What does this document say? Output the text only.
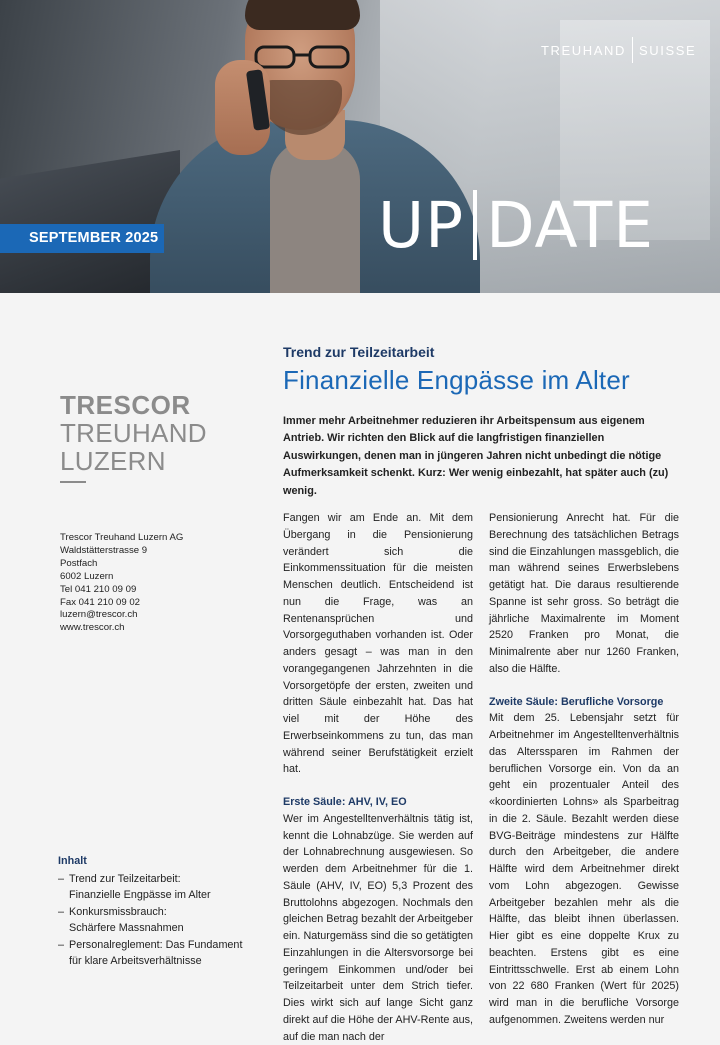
TREUHAND SUISSE
SEPTEMBER 2025	UP DATE
TRESCOR
TREUHAND
LUZERN
Trescor Treuhand Luzern AG
Waldstätterstrasse 9
Postfach
6002 Luzern
Tel 041 210 09 09
Fax 041 210 09 02
luzern@trescor.ch
www.trescor.ch
Inhalt
– Trend zur Teilzeitarbeit:
Finanzielle Engpässe im Alter
– Konkursmissbrauch:
Schärfere Massnahmen
– Personalreglement: Das Fundament
für klare Arbeitsverhältnisse
Trend zur Teilzeitarbeit
Finanzielle Engpässe im Alter
Immer mehr Arbeitnehmer reduzieren ihr Arbeitspensum aus eigenem Antrieb. Wir richten den Blick auf die langfristigen finanziellen Auswirkungen, denen man in jüngeren Jahren nicht unbedingt die nötige Aufmerksamkeit schenkt. Kurz: Wer wenig einbezahlt, hat später auch (zu) wenig.

Fangen wir am Ende an. Mit dem Übergang in die Pensionierung verändert sich die Einkommenssituation für die meisten Menschen deutlich. Entscheidend ist nun die Frage, was an Rentenansprüchen und Vorsorgeguthaben vorhanden ist. Oder anders gesagt – was man in den vorangegangenen Jahrzehnten in die Vorsorgetöpfe der ersten, zweiten und dritten Säule einbezahlt hat. Das hat viel mit der Höhe des Erwerbseinkommens zu tun, das man während seiner Berufstätigkeit erzielt hat.

Erste Säule: AHV, IV, EO

Wer im Angestelltenverhältnis tätig ist, kennt die Lohnabzüge. Sie werden auf der Lohnabrechnung ausgewiesen. So werden dem Arbeitnehmer für die 1. Säule (AHV, IV, EO) 5,3 Prozent des Bruttolohns abgezogen. Nochmals den gleichen Betrag bezahlt der Arbeitgeber ein. Naturgemäss sind die so getätigten Einzahlungen in die Altersvorsorge bei geringem Einkommen und/oder bei Teilzeitarbeit unter dem Strich tiefer. Dies wirkt sich auf lange Sicht ganz direkt auf die Höhe der AHV-Rente aus, auf die man nach der

Pensionierung Anrecht hat. Für die Berechnung des tatsächlichen Betrags sind die Einzahlungen massgeblich, die man während seines Erwerbslebens getätigt hat. Die daraus resultierende Spanne ist sehr gross. So beträgt die jährliche Maximalrente im Moment 2520 Franken pro Monat, die Minimalrente aber nur 1260 Franken, also die Hälfte.

Zweite Säule: Berufliche Vorsorge

Mit dem 25. Lebensjahr setzt für Arbeitnehmer im Angestelltenverhältnis das Alterssparen im Rahmen der beruflichen Vorsorge ein. Von da an geht ein prozentualer Anteil des «koordinierten Lohns» als Sparbeitrag in die 2. Säule. Bezahlt werden diese BVG-Beiträge mindestens zur Hälfte durch den Arbeitgeber, die andere Hälfte wird dem Arbeitnehmer direkt vom Lohn abgezogen. Gewisse Arbeitgeber bezahlen mehr als die Hälfte, das bleibt ihnen überlassen. Hier gibt es eine doppelte Krux zu beachten. Erstens gibt es eine Eintrittsschwelle. Erst ab einem Lohn von 22 680 Franken (Wert für 2025) wird man in die berufliche Vorsorge aufgenommen. Zweitens werden nur
